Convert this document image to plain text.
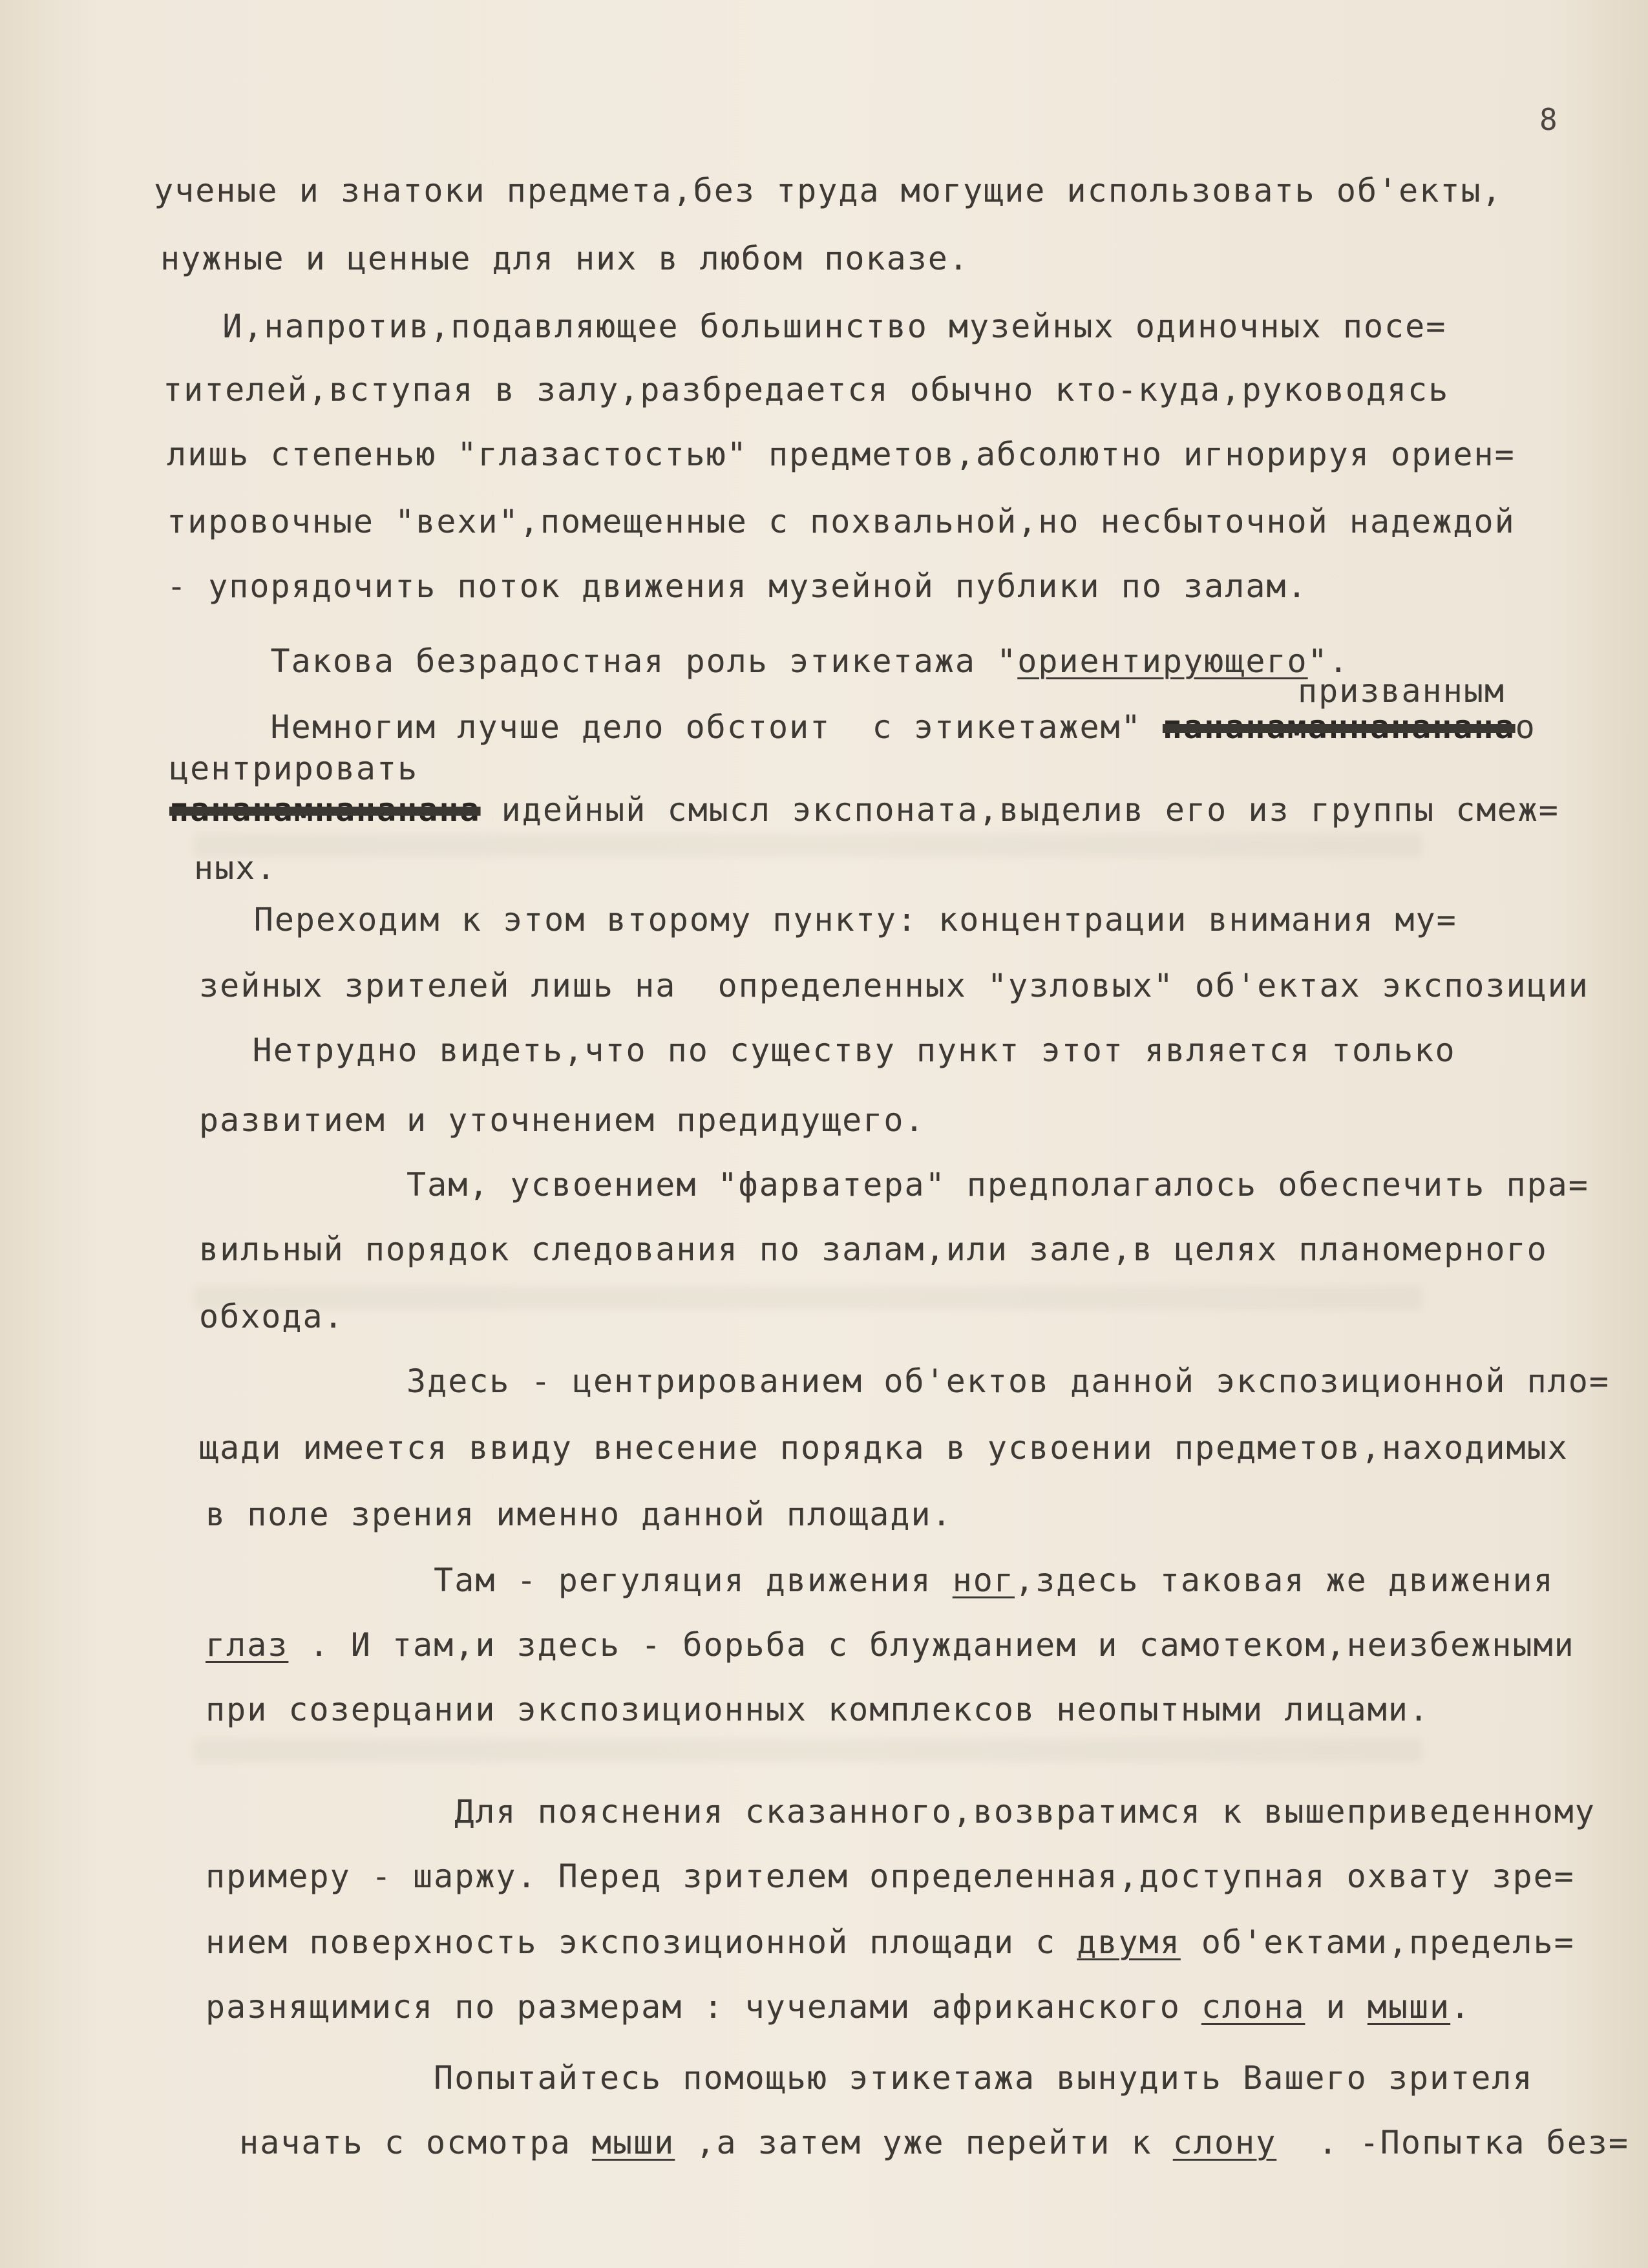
8
ученые и знатоки предмета,без труда могущие использовать об'екты,
нужные и ценные для них в любом показе.
И,напротив,подавляющее большинство музейных одиночных посе=
тителей,вступая в залу,разбредается обычно кто-куда,руководясь
лишь степенью "глазастостью" предметов,абсолютно игнорируя ориен=
тировочные "вехи",помещенные с похвальной,но несбыточной надеждой
- упорядочить поток движения музейной публики по залам.
Такова безрадостная роль этикетажа "ориентирующего".
призванным
Немногим лучше дело обстоит  с этикетажем" пананаманнанананао
центрировать
пананамнананана идейный смысл экспоната,выделив его из группы смеж=
ных.
Переходим к этом второму пункту: концентрации внимания му=
зейных зрителей лишь на  определенных "узловых" об'ектах экспозиции
Нетрудно видеть,что по существу пункт этот является только
развитием и уточнением предидущего.
Там, усвоением "фарватера" предполагалось обеспечить пра=
вильный порядок следования по залам,или зале,в целях планомерного
обхода.
Здесь - центрированием об'ектов данной экспозиционной пло=
щади имеется ввиду внесение порядка в усвоении предметов,находимых
в поле зрения именно данной площади.
Там - регуляция движения ног,здесь таковая же движения
глаз . И там,и здесь - борьба с блужданием и самотеком,неизбежными
при созерцании экспозиционных комплексов неопытными лицами.
Для пояснения сказанного,возвратимся к вышеприведенному
примеру - шаржу. Перед зрителем определенная,доступная охвату зре=
нием поверхность экспозиционной площади с двумя об'ектами,предель=
разнящимися по размерам : чучелами африканского слона и мыши.
Попытайтесь помощью этикетажа вынудить Вашего зрителя
начать с осмотра мыши ,а затем уже перейти к слону  . -Попытка без=
